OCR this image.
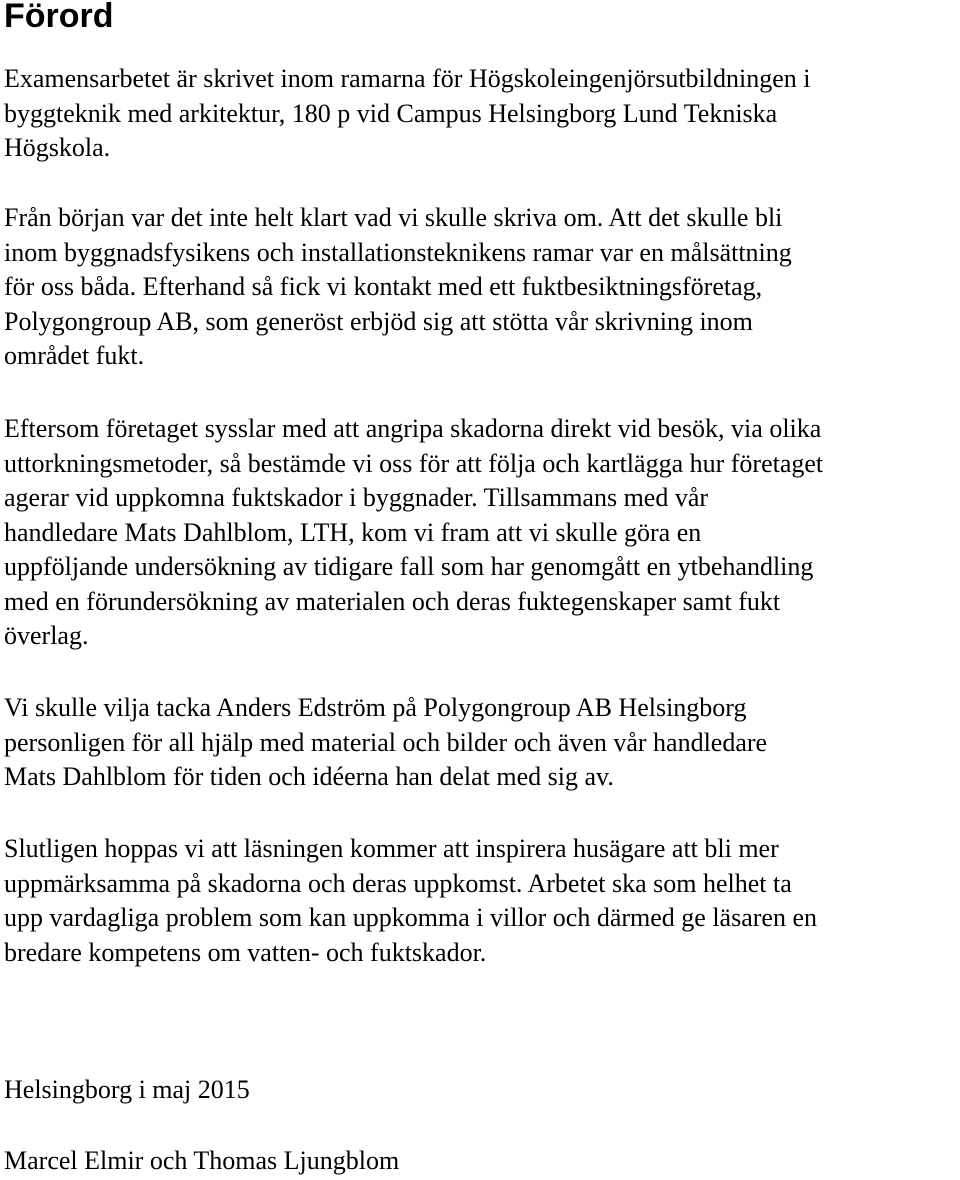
Förord

Examensarbetet är skrivet inom ramarna för Högskoleingenjörsutbildningen i
byggteknik med arkitektur, 180 p vid Campus Helsingborg Lund Tekniska
Högskola.

Från början var det inte helt klart vad vi skulle skriva om. Att det skulle bli
inom byggnadsfysikens och installationsteknikens ramar var en målsättning
för oss båda. Efterhand så fick vi kontakt med ett fuktbesiktningsföretag,
Polygongroup AB, som generöst erbjöd sig att stötta vår skrivning inom
området fukt.

Eftersom företaget sysslar med att angripa skadorna direkt vid besök, via olika
uttorkningsmetoder, så bestämde vi oss för att följa och kartlägga hur företaget
agerar vid uppkomna fuktskador i byggnader. Tillsammans med vår
handledare Mats Dahlblom, LTH, kom vi fram att vi skulle göra en
uppföljande undersökning av tidigare fall som har genomgått en ytbehandling
med en förundersökning av materialen och deras fuktegenskaper samt fukt
överlag.

Vi skulle vilja tacka Anders Edström på Polygongroup AB Helsingborg
personligen för all hjälp med material och bilder och även vår handledare
Mats Dahlblom för tiden och idéerna han delat med sig av.

Slutligen hoppas vi att läsningen kommer att inspirera husägare att bli mer
uppmärksamma på skadorna och deras uppkomst. Arbetet ska som helhet ta
upp vardagliga problem som kan uppkomma i villor och därmed ge läsaren en
bredare kompetens om vatten- och fuktskador.

Helsingborg i maj 2015

Marcel Elmir och Thomas Ljungblom
